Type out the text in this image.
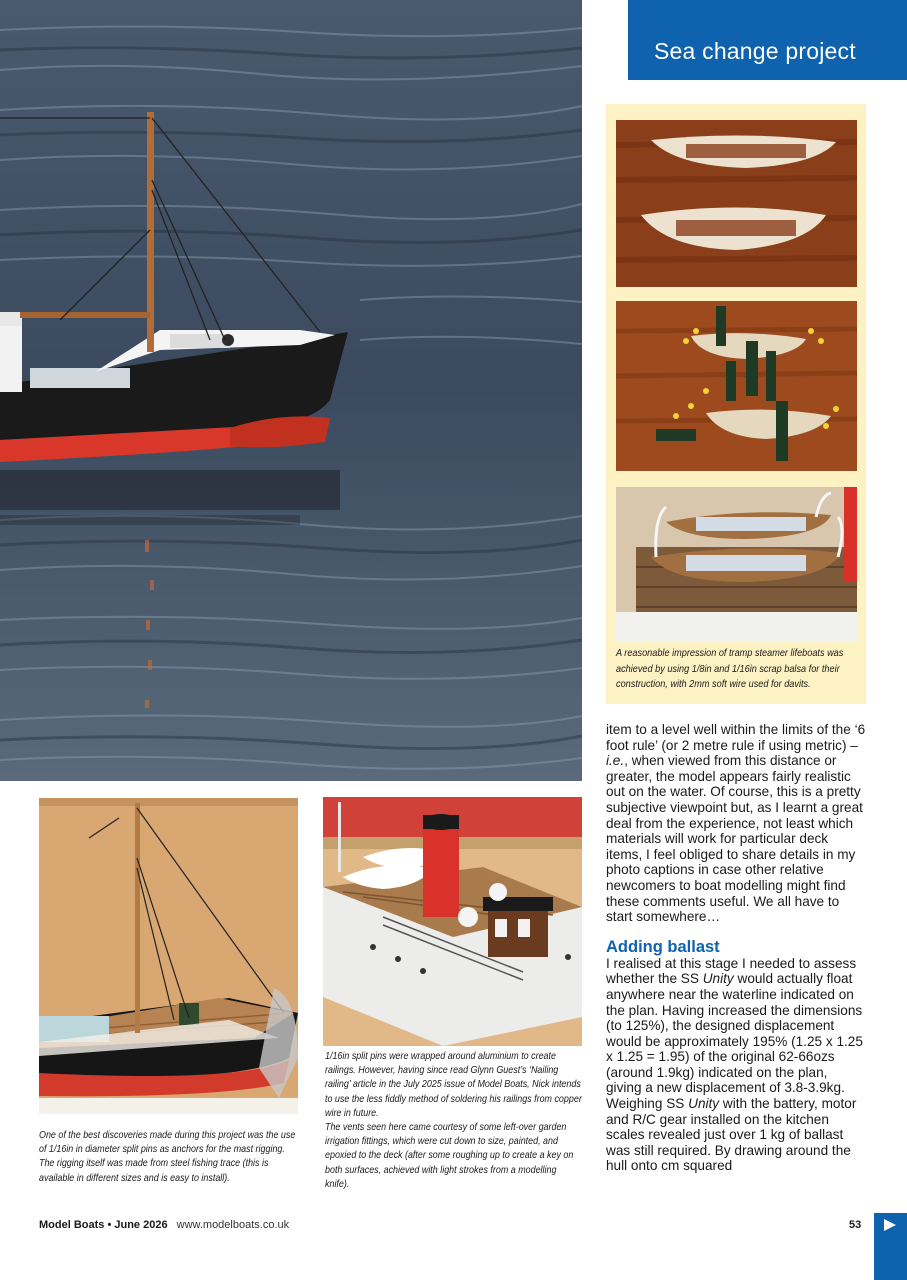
Sea change project
A reasonable impression of tramp steamer lifeboats was achieved by using 1/8in and 1/16in scrap balsa for their construction, with 2mm soft wire used for davits.

item to a level well within the limits of the ‘6 foot rule’ (or 2 metre rule if using metric) – i.e., when viewed from this distance or greater, the model appears fairly realistic out on the water. Of course, this is a pretty subjective viewpoint but, as I learnt a great deal from the experience, not least which materials will work for particular deck items, I feel obliged to share details in my photo captions in case other relative newcomers to boat modelling might find these comments useful. We all have to start somewhere…

Adding ballast

I realised at this stage I needed to assess whether the SS Unity would actually float anywhere near the waterline indicated on the plan. Having increased the dimensions (to 125%), the designed displacement would be approximately 195% (1.25 x 1.25 x 1.25 = 1.95) of the original 62-66ozs (around 1.9kg) indicated on the plan, giving a new displacement of 3.8-3.9kg. Weighing SS Unity with the battery, motor and R/C gear installed on the kitchen scales revealed just over 1 kg of ballast was still required. By drawing around the hull onto cm squared

One of the best discoveries made during this project was the use of 1/16in in diameter split pins as anchors for the mast rigging. The rigging itself was made from steel fishing trace (this is available in different sizes and is easy to install).
1/16in split pins were wrapped around aluminium to create railings. However, having since read Glynn Guest’s ‘Nailing railing’ article in the July 2025 issue of Model Boats, Nick intends to use the less fiddly method of soldering his railings from copper wire in future.
The vents seen here came courtesy of some left-over garden irrigation fittings, which were cut down to size, painted, and epoxied to the deck (after some roughing up to create a key on both surfaces, achieved with light strokes from a modelling knife).
Model Boats • June 2026 www.modelboats.co.uk	53
